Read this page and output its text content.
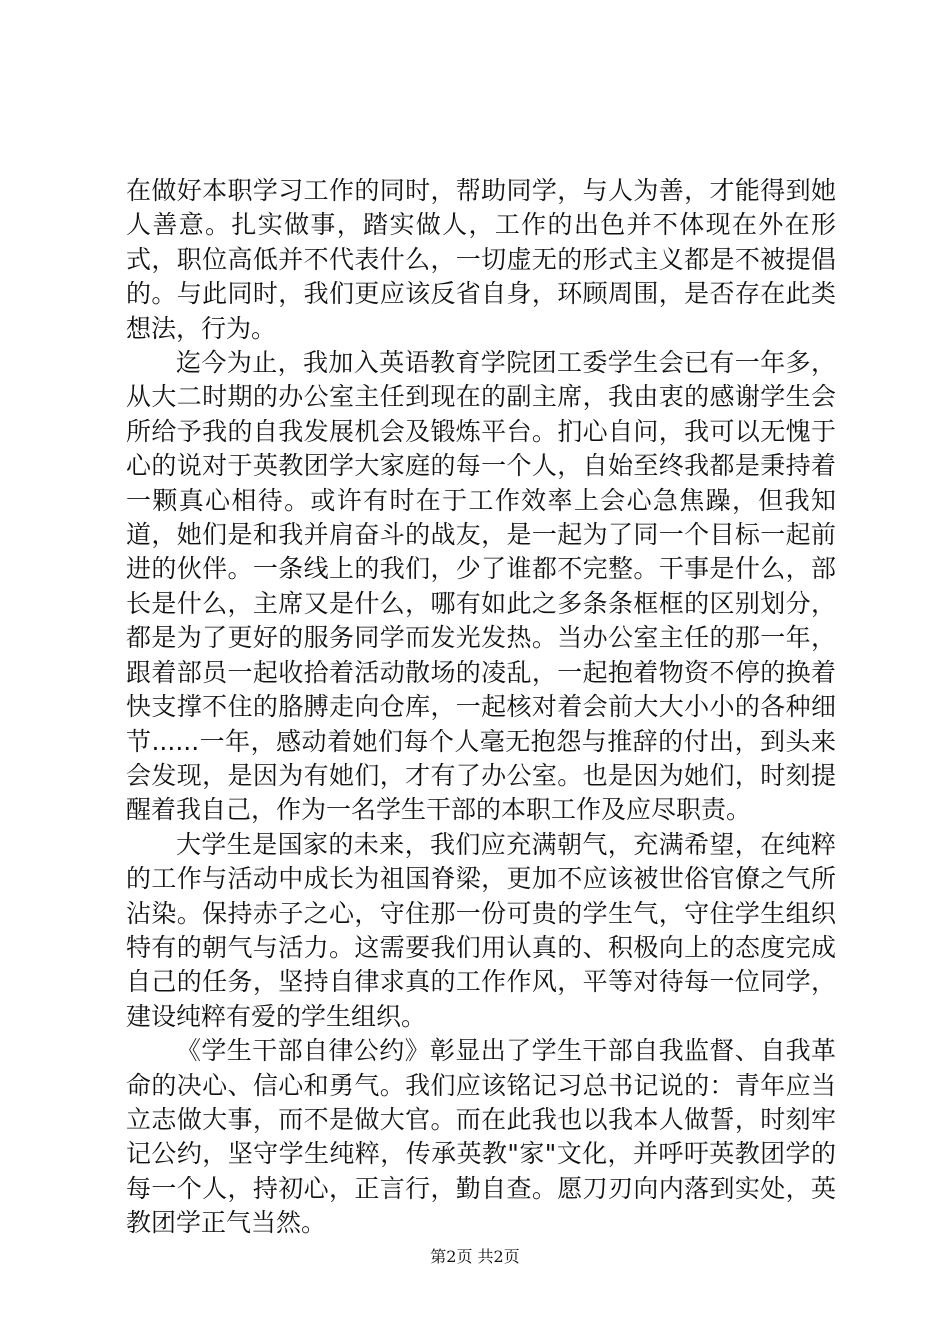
在做好本职学习工作的同时，帮助同学，与人为善，才能得到她人善意。扎实做事，踏实做人，工作的出色并不体现在外在形式，职位高低并不代表什么，一切虚无的形式主义都是不被提倡的。与此同时，我们更应该反省自身，环顾周围，是否存在此类想法，行为。

迄今为止，我加入英语教育学院团工委学生会已有一年多，从大二时期的办公室主任到现在的副主席，我由衷的感谢学生会所给予我的自我发展机会及锻炼平台。扪心自问，我可以无愧于心的说对于英教团学大家庭的每一个人，自始至终我都是秉持着一颗真心相待。或许有时在于工作效率上会心急焦躁，但我知道，她们是和我并肩奋斗的战友，是一起为了同一个目标一起前进的伙伴。一条线上的我们，少了谁都不完整。干事是什么，部长是什么，主席又是什么，哪有如此之多条条框框的区别划分，都是为了更好的服务同学而发光发热。当办公室主任的那一年，跟着部员一起收拾着活动散场的凌乱，一起抱着物资不停的换着快支撑不住的胳膊走向仓库，一起核对着会前大大小小的各种细节......一年，感动着她们每个人毫无抱怨与推辞的付出，到头来会发现，是因为有她们，才有了办公室。也是因为她们，时刻提醒着我自己，作为一名学生干部的本职工作及应尽职责。

大学生是国家的未来，我们应充满朝气，充满希望，在纯粹的工作与活动中成长为祖国脊梁，更加不应该被世俗官僚之气所沾染。保持赤子之心，守住那一份可贵的学生气，守住学生组织特有的朝气与活力。这需要我们用认真的、积极向上的态度完成自己的任务，坚持自律求真的工作作风，平等对待每一位同学，建设纯粹有爱的学生组织。

《学生干部自律公约》彰显出了学生干部自我监督、自我革命的决心、信心和勇气。我们应该铭记习总书记说的：青年应当立志做大事，而不是做大官。而在此我也以我本人做誓，时刻牢记公约，坚守学生纯粹，传承英教"家"文化，并呼吁英教团学的每一个人，持初心，正言行，勤自查。愿刀刃向内落到实处，英教团学正气当然。

第2页 共2页
